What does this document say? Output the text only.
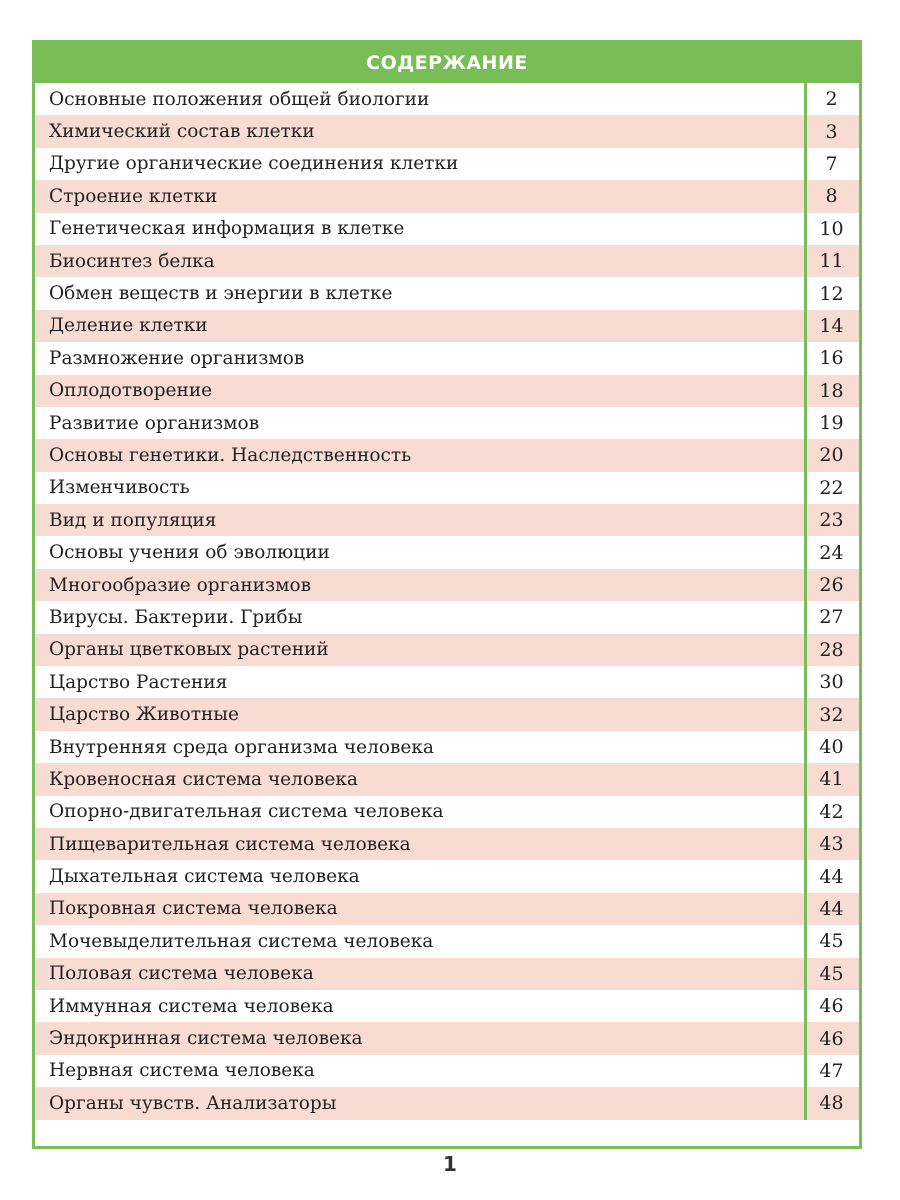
СОДЕРЖАНИЕ
Основные положения общей биологии	2
Химический состав клетки	3
Другие органические соединения клетки	7
Строение клетки	8
Генетическая информация в клетке	10
Биосинтез белка	11
Обмен веществ и энергии в клетке	12
Деление клетки	14
Размножение организмов	16
Оплодотворение	18
Развитие организмов	19
Основы генетики. Наследственность	20
Изменчивость	22
Вид и популяция	23
Основы учения об эволюции	24
Многообразие организмов	26
Вирусы. Бактерии. Грибы	27
Органы цветковых растений	28
Царство Растения	30
Царство Животные	32
Внутренняя среда организма человека	40
Кровеносная система человека	41
Опорно-двигательная система человека	42
Пищеварительная система человека	43
Дыхательная система человека	44
Покровная система человека	44
Мочевыделительная система человека	45
Половая система человека	45
Иммунная система человека	46
Эндокринная система человека	46
Нервная система человека	47
Органы чувств. Анализаторы	48
1
